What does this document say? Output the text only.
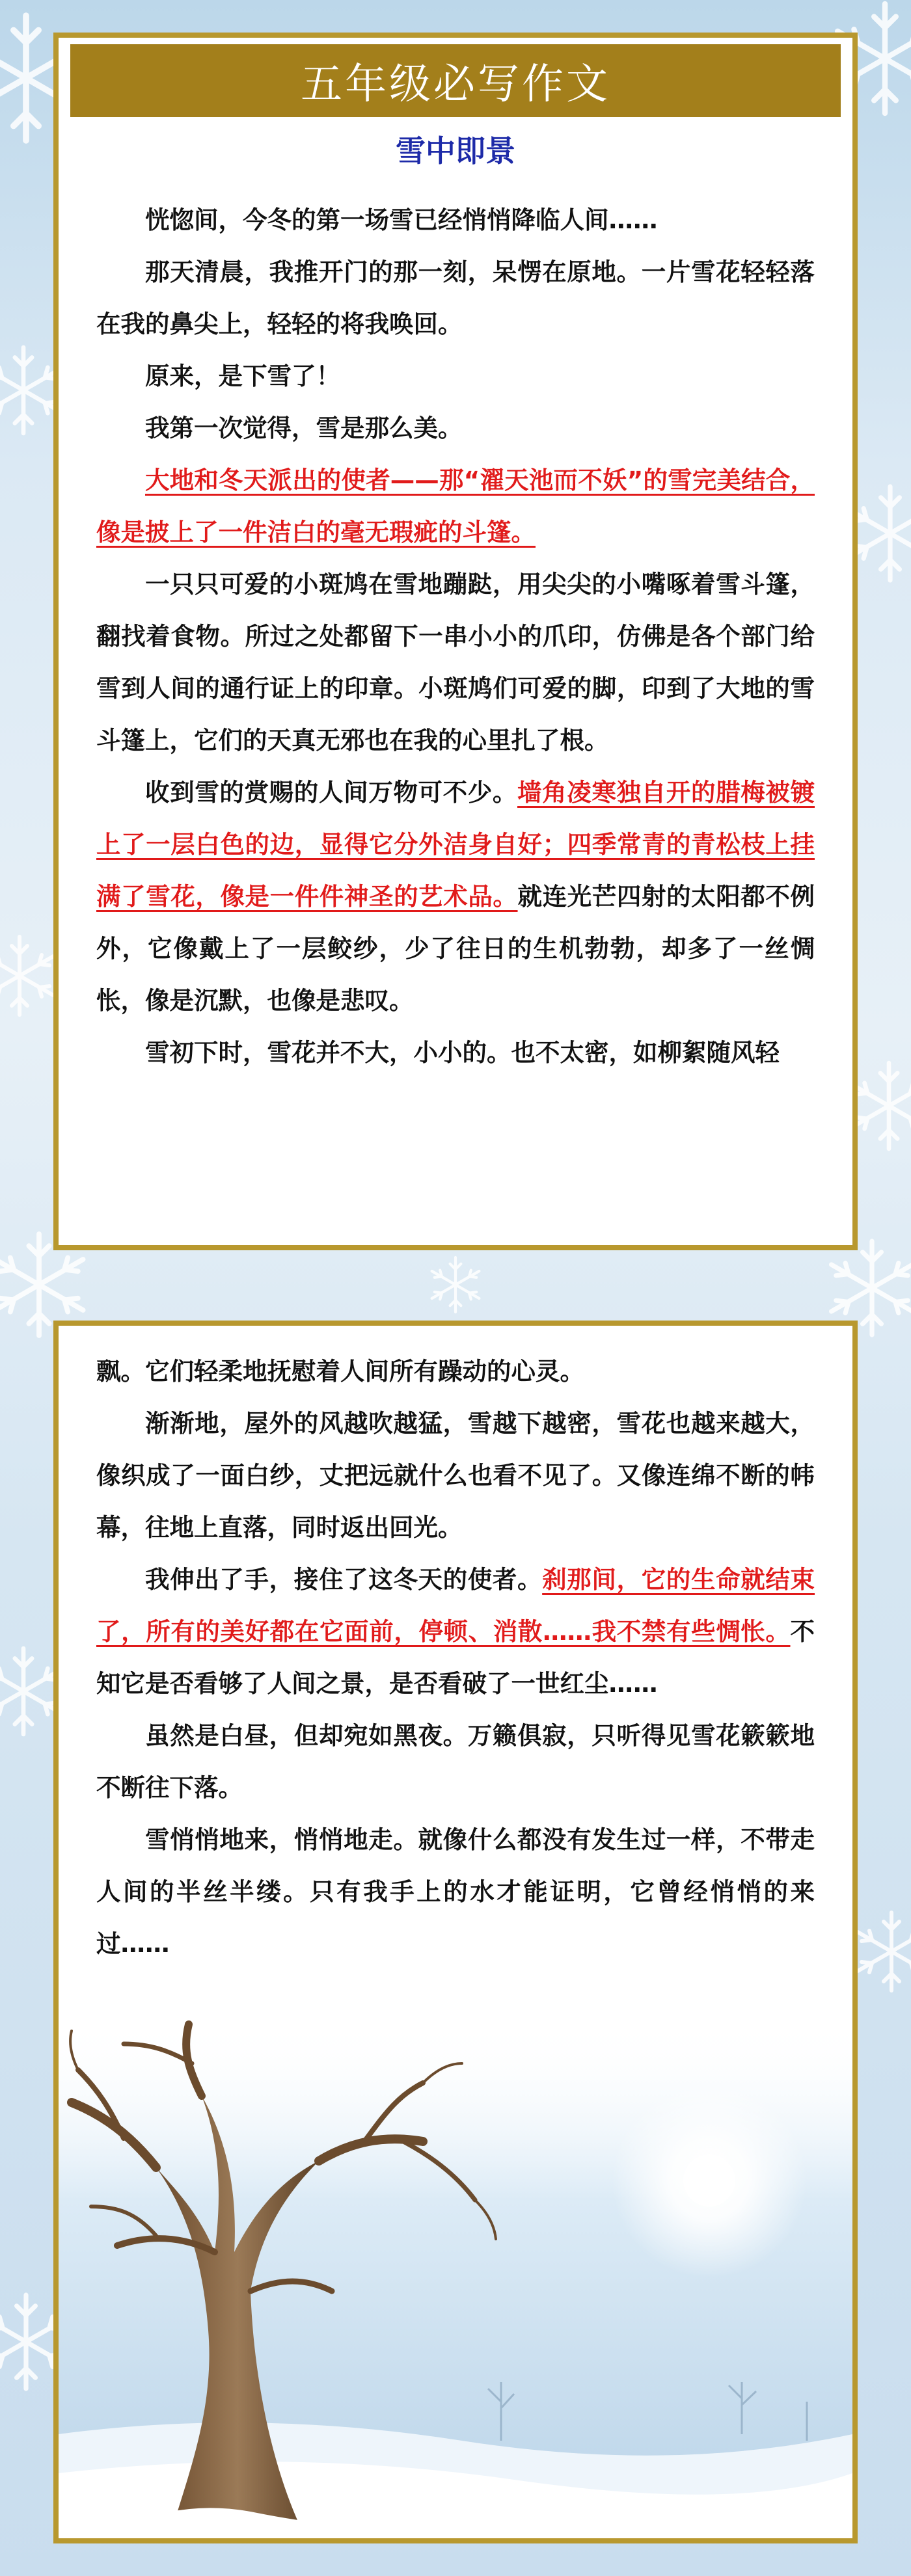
五年级必写作文
雪中即景

恍惚间，今冬的第一场雪已经悄悄降临人间……

那天清晨，我推开门的那一刻，呆愣在原地。一片雪花轻轻落在我的鼻尖上，轻轻的将我唤回。

原来，是下雪了！

我第一次觉得，雪是那么美。

大地和冬天派出的使者——那“濯天池而不妖”的雪完美结合，像是披上了一件洁白的毫无瑕疵的斗篷。

一只只可爱的小斑鸠在雪地蹦跶，用尖尖的小嘴啄着雪斗篷，翻找着食物。所过之处都留下一串小小的爪印，仿佛是各个部门给雪到人间的通行证上的印章。小斑鸠们可爱的脚，印到了大地的雪斗篷上，它们的天真无邪也在我的心里扎了根。

收到雪的赏赐的人间万物可不少。墙角凌寒独自开的腊梅被镀上了一层白色的边，显得它分外洁身自好；四季常青的青松枝上挂满了雪花，像是一件件神圣的艺术品。就连光芒四射的太阳都不例外，它像戴上了一层鲛纱，少了往日的生机勃勃，却多了一丝惆怅，像是沉默，也像是悲叹。

雪初下时，雪花并不大，小小的。也不太密，如柳絮随风轻

飘。它们轻柔地抚慰着人间所有躁动的心灵。

渐渐地，屋外的风越吹越猛，雪越下越密，雪花也越来越大，像织成了一面白纱，丈把远就什么也看不见了。又像连绵不断的帏幕，往地上直落，同时返出回光。

我伸出了手，接住了这冬天的使者。刹那间，它的生命就结束了，所有的美好都在它面前，停顿、消散……我不禁有些惆怅。不知它是否看够了人间之景，是否看破了一世红尘……

虽然是白昼，但却宛如黑夜。万籁俱寂，只听得见雪花簌簌地不断往下落。

雪悄悄地来，悄悄地走。就像什么都没有发生过一样，不带走人间的半丝半缕。只有我手上的水才能证明，它曾经悄悄的来过……
